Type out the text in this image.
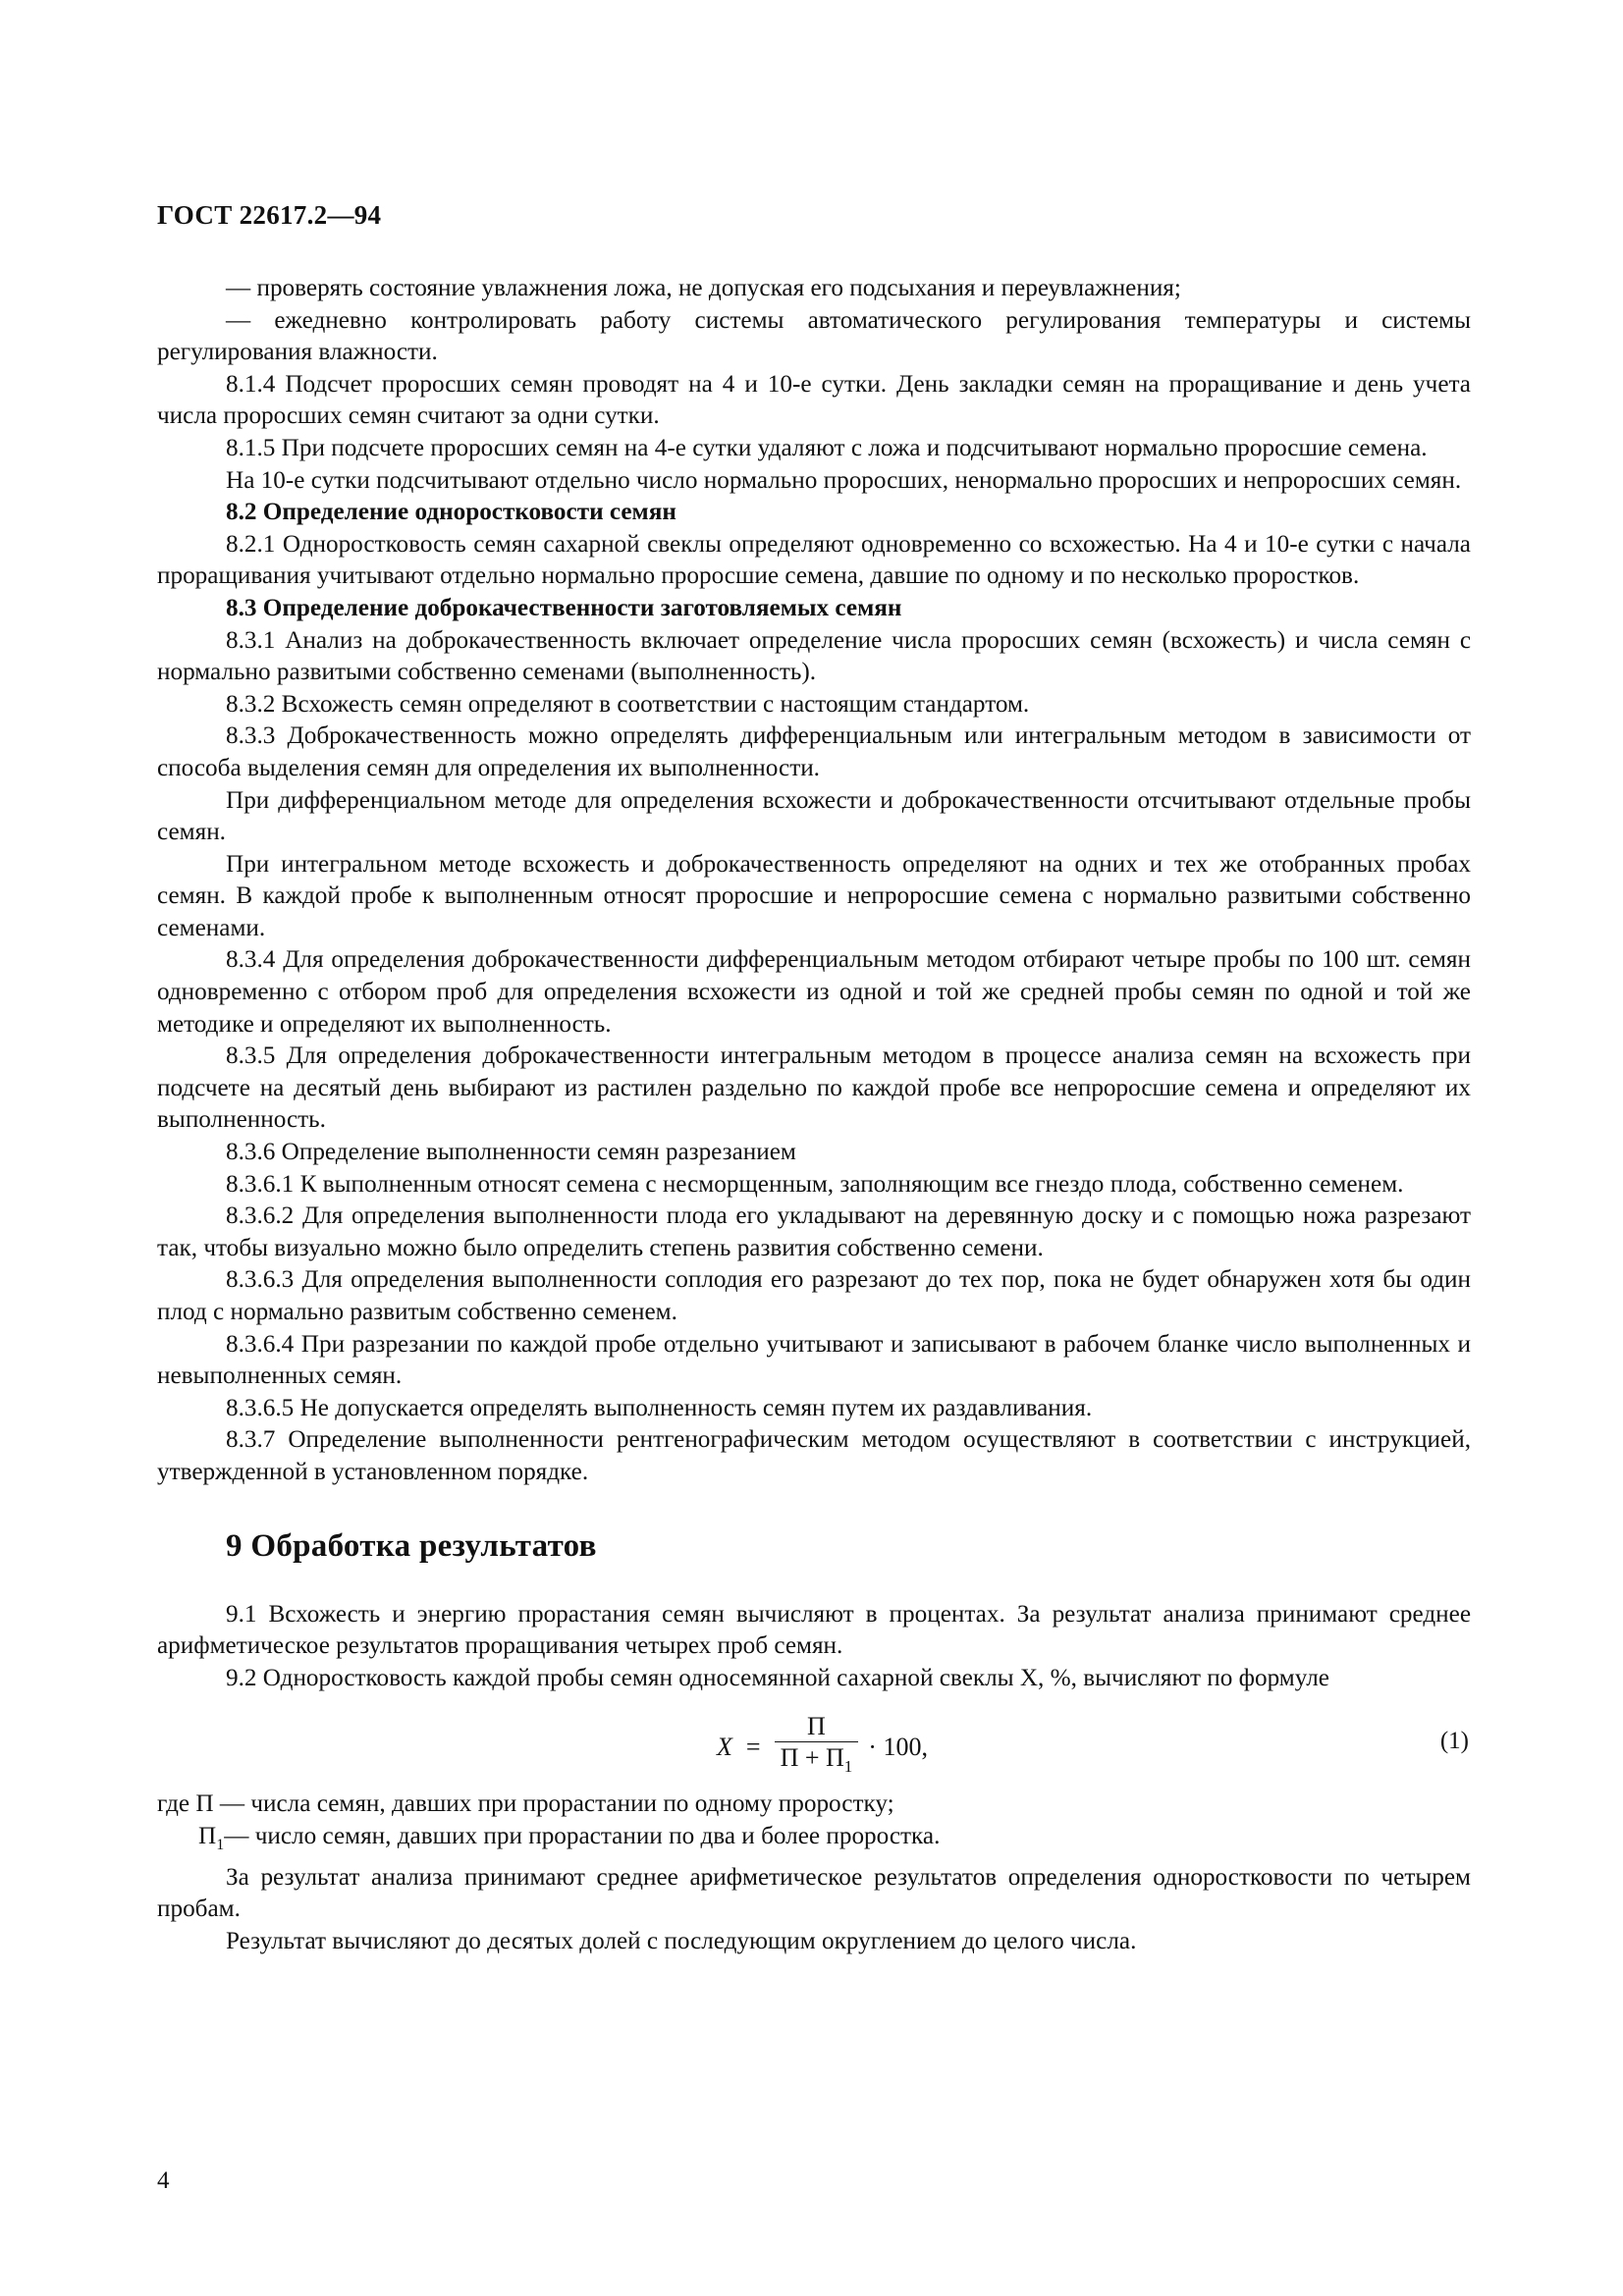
ГОСТ 22617.2—94

— проверять состояние увлажнения ложа, не допуская его подсыхания и переувлажнения;

— ежедневно контролировать работу системы автоматического регулирования температуры и системы регулирования влажности.

8.1.4 Подсчет проросших семян проводят на 4 и 10-е сутки. День закладки семян на проращивание и день учета числа проросших семян считают за одни сутки.

8.1.5 При подсчете проросших семян на 4-е сутки удаляют с ложа и подсчитывают нормально проросшие семена.

На 10-е сутки подсчитывают отдельно число нормально проросших, ненормально проросших и непроросших семян.

8.2 Определение одноростковости семян

8.2.1 Одноростковость семян сахарной свеклы определяют одновременно со всхожестью. На 4 и 10-е сутки с начала проращивания учитывают отдельно нормально проросшие семена, давшие по одному и по несколько проростков.

8.3 Определение доброкачественности заготовляемых семян

8.3.1 Анализ на доброкачественность включает определение числа проросших семян (всхожесть) и числа семян с нормально развитыми собственно семенами (выполненность).

8.3.2 Всхожесть семян определяют в соответствии с настоящим стандартом.

8.3.3 Доброкачественность можно определять дифференциальным или интегральным методом в зависимости от способа выделения семян для определения их выполненности.

При дифференциальном методе для определения всхожести и доброкачественности отсчитывают отдельные пробы семян.

При интегральном методе всхожесть и доброкачественность определяют на одних и тех же отобранных пробах семян. В каждой пробе к выполненным относят проросшие и непроросшие семена с нормально развитыми собственно семенами.

8.3.4 Для определения доброкачественности дифференциальным методом отбирают четыре пробы по 100 шт. семян одновременно с отбором проб для определения всхожести из одной и той же средней пробы семян по одной и той же методике и определяют их выполненность.

8.3.5 Для определения доброкачественности интегральным методом в процессе анализа семян на всхожесть при подсчете на десятый день выбирают из растилен раздельно по каждой пробе все непроросшие семена и определяют их выполненность.

8.3.6 Определение выполненности семян разрезанием

8.3.6.1 К выполненным относят семена с несморщенным, заполняющим все гнездо плода, собственно семенем.

8.3.6.2 Для определения выполненности плода его укладывают на деревянную доску и с помощью ножа разрезают так, чтобы визуально можно было определить степень развития собственно семени.

8.3.6.3 Для определения выполненности соплодия его разрезают до тех пор, пока не будет обнаружен хотя бы один плод с нормально развитым собственно семенем.

8.3.6.4 При разрезании по каждой пробе отдельно учитывают и записывают в рабочем бланке число выполненных и невыполненных семян.

8.3.6.5 Не допускается определять выполненность семян путем их раздавливания.

8.3.7 Определение выполненности рентгенографическим методом осуществляют в соответствии с инструкцией, утвержденной в установленном порядке.

9 Обработка результатов

9.1 Всхожесть и энергию прорастания семян вычисляют в процентах. За результат анализа принимают среднее арифметическое результатов проращивания четырех проб семян.

9.2 Одноростковость каждой пробы семян односемянной сахарной свеклы X, %, вычисляют по формуле

$X = \frac{П}{П + П_1} \cdot 100$,	(1)

где П — числа семян, давших при прорастании по одному проростку;

$П_1—$ число семян, давших при прорастании по два и более проростка.

За результат анализа принимают среднее арифметическое результатов определения одноростковости по четырем пробам.

Результат вычисляют до десятых долей с последующим округлением до целого числа.

4
